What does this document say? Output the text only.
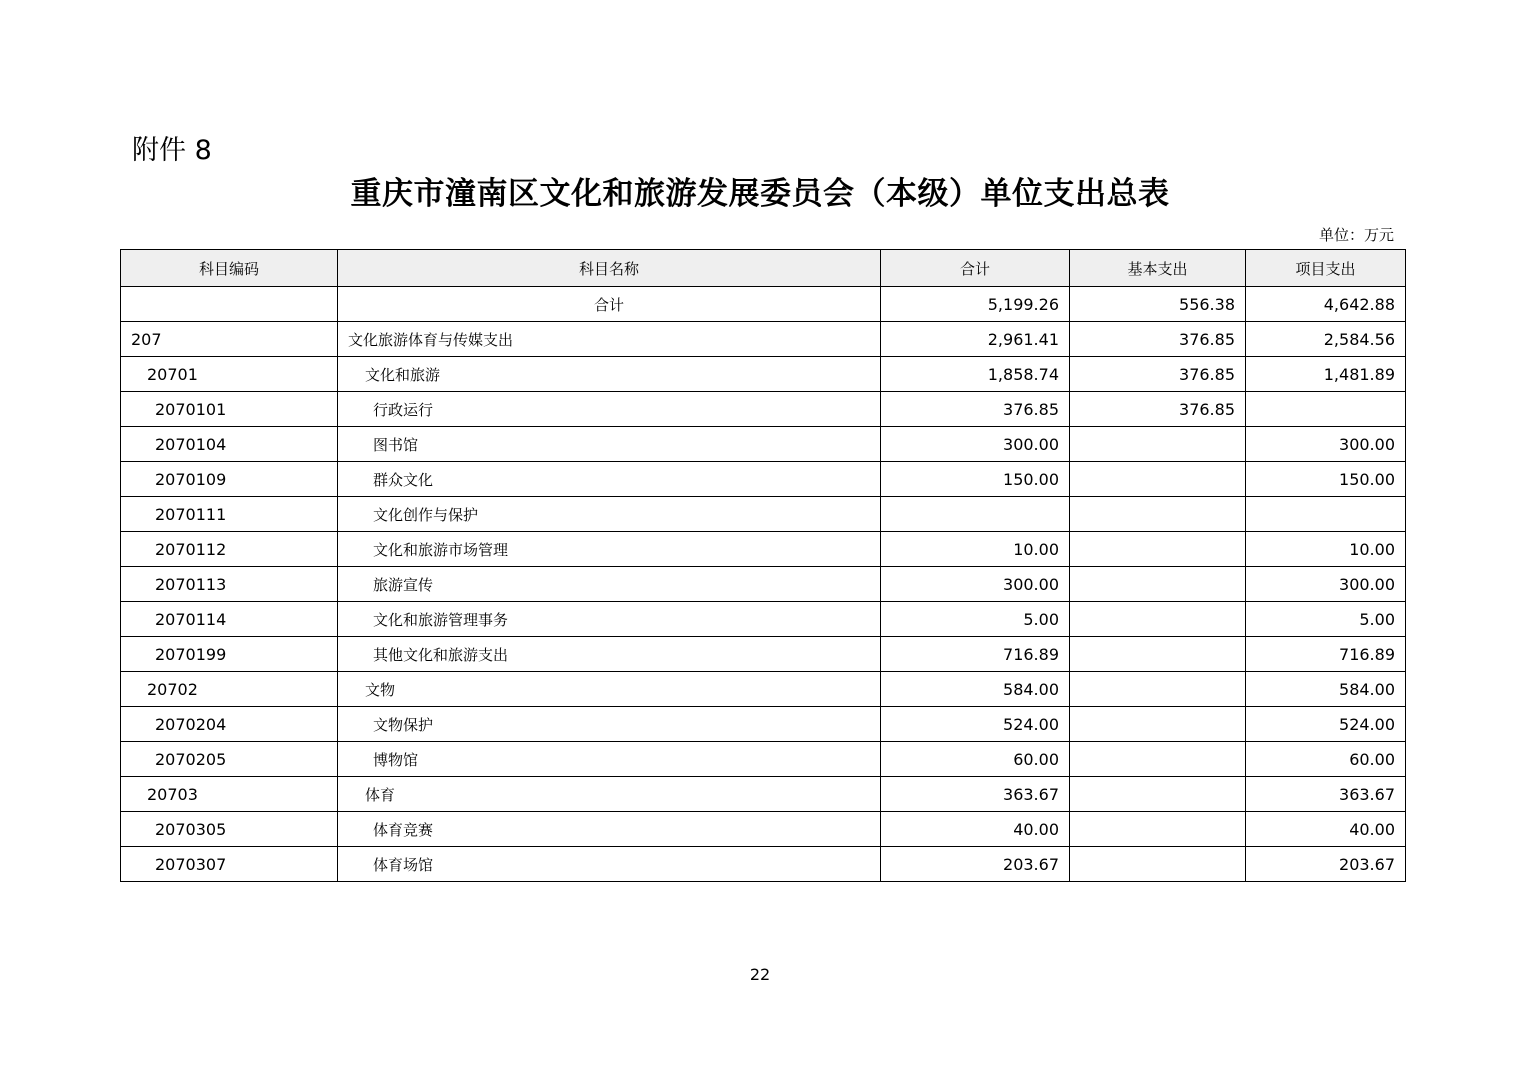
附件 8
重庆市潼南区文化和旅游发展委员会（本级）单位支出总表
单位：万元
科目编码	科目名称	合计	基本支出	项目支出
	合计	5,199.26	556.38	4,642.88
207	文化旅游体育与传媒支出	2,961.41	376.85	2,584.56
20701	文化和旅游	1,858.74	376.85	1,481.89
2070101	行政运行	376.85	376.85	
2070104	图书馆	300.00		300.00
2070109	群众文化	150.00		150.00
2070111	文化创作与保护			
2070112	文化和旅游市场管理	10.00		10.00
2070113	旅游宣传	300.00		300.00
2070114	文化和旅游管理事务	5.00		5.00
2070199	其他文化和旅游支出	716.89		716.89
20702	文物	584.00		584.00
2070204	文物保护	524.00		524.00
2070205	博物馆	60.00		60.00
20703	体育	363.67		363.67
2070305	体育竞赛	40.00		40.00
2070307	体育场馆	203.67		203.67
22
